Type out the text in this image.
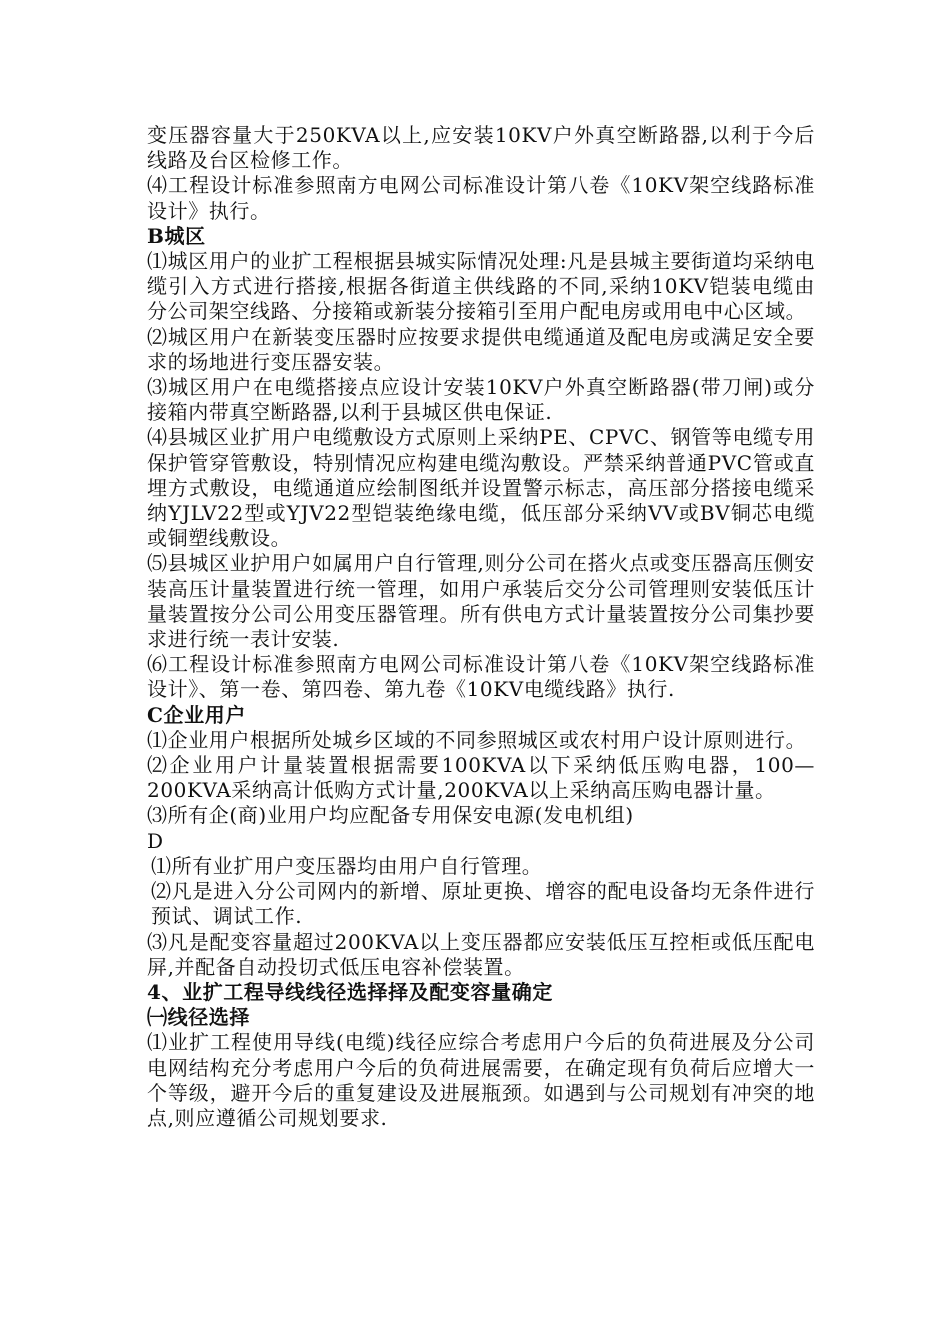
变压器容量大于250KVA以上,应安装10KV户外真空断路器,以利于今后线路及台区检修工作。

⑷工程设计标准参照南方电网公司标准设计第八卷《10KV架空线路标准设计》执行。

B城区

⑴城区用户的业扩工程根据县城实际情况处理:凡是县城主要街道均采纳电缆引入方式进行搭接,根据各街道主供线路的不同,采纳10KV铠装电缆由分公司架空线路、分接箱或新装分接箱引至用户配电房或用电中心区域。

⑵城区用户在新装变压器时应按要求提供电缆通道及配电房或满足安全要求的场地进行变压器安装。

⑶城区用户在电缆搭接点应设计安装10KV户外真空断路器(带刀闸)或分接箱内带真空断路器,以利于县城区供电保证.

⑷县城区业扩用户电缆敷设方式原则上采纳PE、CPVC、钢管等电缆专用保护管穿管敷设，特别情况应构建电缆沟敷设。严禁采纳普通PVC管或直埋方式敷设，电缆通道应绘制图纸并设置警示标志，高压部分搭接电缆采纳YJLV22型或YJV22型铠装绝缘电缆，低压部分采纳VV或BV铜芯电缆或铜塑线敷设。

⑸县城区业护用户如属用户自行管理,则分公司在搭火点或变压器高压侧安装高压计量装置进行统一管理，如用户承装后交分公司管理则安装低压计量装置按分公司公用变压器管理。所有供电方式计量装置按分公司集抄要求进行统一表计安装.

⑹工程设计标准参照南方电网公司标准设计第八卷《10KV架空线路标准设计》、第一卷、第四卷、第九卷《10KV电缆线路》执行.

C企业用户

⑴企业用户根据所处城乡区域的不同参照城区或农村用户设计原则进行。

⑵企业用户计量装置根据需要100KVA以下采纳低压购电器，100—200KVA采纳高计低购方式计量,200KVA以上采纳高压购电器计量。

⑶所有企(商)业用户均应配备专用保安电源(发电机组)

D

⑴所有业扩用户变压器均由用户自行管理。

⑵凡是进入分公司网内的新增、原址更换、增容的配电设备均无条件进行预试、调试工作.

⑶凡是配变容量超过200KVA以上变压器都应安装低压互控柜或低压配电屏,并配备自动投切式低压电容补偿装置。

4、业扩工程导线线径选择择及配变容量确定

㈠线径选择

⑴业扩工程使用导线(电缆)线径应综合考虑用户今后的负荷进展及分公司电网结构充分考虑用户今后的负荷进展需要，在确定现有负荷后应增大一个等级，避开今后的重复建设及进展瓶颈。如遇到与公司规划有冲突的地点,则应遵循公司规划要求.
